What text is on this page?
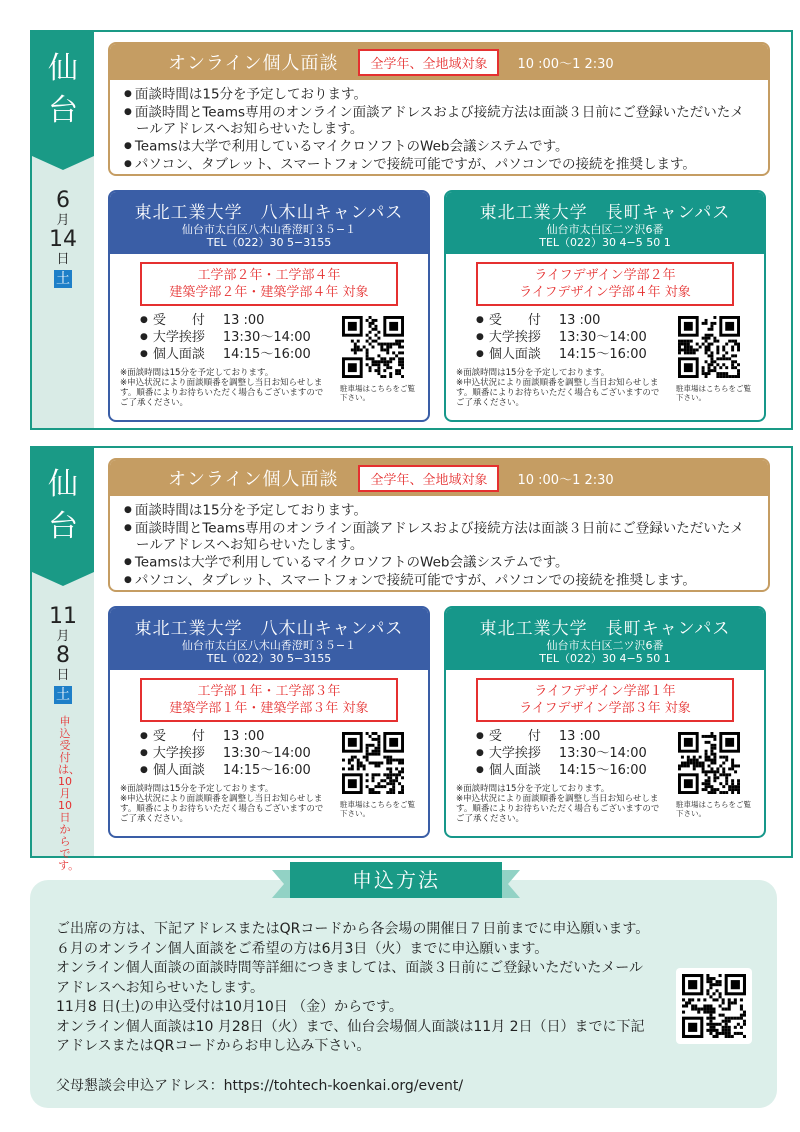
仙台
6
月
14
日
土
オンライン個人面談	全学年、全地域対象	10 :00〜1 2:30
● 面談時間は15分を予定しております。
● 面談時間とTeams専用のオンライン面談アドレスおよび接続方法は面談３日前にご登録いただいたメールアドレスへお知らせいたします。
● Teamsは大学で利用しているマイクロソフトのWeb会議システムです。
● パソコン、タブレット、スマートフォンで接続可能ですが、パソコンでの接続を推奨します。
東北工業大学　八木山キャンパス
仙台市太白区八木山香澄町３５−１
TEL（022）30 5−3155
工学部２年・工学部４年
建築学部２年・建築学部４年 対象
● 受　　付 13 :00
● 大学挨拶 13:30〜14:00
● 個人面談 14:15〜16:00
※面談時間は15分を予定しております。
※申込状況により面談順番を調整し当日お知らせします。順番によりお待ちいただく場合もございますのでご了承ください。
駐車場はこちらをご覧下さい。
東北工業大学　長町キャンパス
仙台市太白区二ツ沢6番
TEL（022）30 4−5 50 1
ライフデザイン学部２年
ライフデザイン学部４年 対象
● 受　　付 13 :00
● 大学挨拶 13:30〜14:00
● 個人面談 14:15〜16:00
※面談時間は15分を予定しております。
※申込状況により面談順番を調整し当日お知らせします。順番によりお待ちいただく場合もございますのでご了承ください。
駐車場はこちらをご覧下さい。
仙台
11
月
8
日
土
申込受付は、10月10日からです。
オンライン個人面談	全学年、全地域対象	10 :00〜1 2:30
● 面談時間は15分を予定しております。
● 面談時間とTeams専用のオンライン面談アドレスおよび接続方法は面談３日前にご登録いただいたメールアドレスへお知らせいたします。
● Teamsは大学で利用しているマイクロソフトのWeb会議システムです。
● パソコン、タブレット、スマートフォンで接続可能ですが、パソコンでの接続を推奨します。
東北工業大学　八木山キャンパス
仙台市太白区八木山香澄町３５−１
TEL（022）30 5−3155
工学部１年・工学部３年
建築学部１年・建築学部３年 対象
● 受　　付 13 :00
● 大学挨拶 13:30〜14:00
● 個人面談 14:15〜16:00
※面談時間は15分を予定しております。
※申込状況により面談順番を調整し当日お知らせします。順番によりお待ちいただく場合もございますのでご了承ください。
駐車場はこちらをご覧下さい。
東北工業大学　長町キャンパス
仙台市太白区二ツ沢6番
TEL（022）30 4−5 50 1
ライフデザイン学部１年
ライフデザイン学部３年 対象
● 受　　付 13 :00
● 大学挨拶 13:30〜14:00
● 個人面談 14:15〜16:00
※面談時間は15分を予定しております。
※申込状況により面談順番を調整し当日お知らせします。順番によりお待ちいただく場合もございますのでご了承ください。
駐車場はこちらをご覧下さい。
申込方法
ご出席の方は、下記アドレスまたはQRコードから各会場の開催日７日前までに申込願います。
６月のオンライン個人面談をご希望の方は6月3日（火）までに申込願います。
オンライン個人面談の面談時間等詳細につきましては、面談３日前にご登録いただいたメールアドレスへお知らせいたします。
11月8 日(土)の申込受付は10月10日 （金）からです。
オンライン個人面談は10 月28日（火）まで、仙台会場個人面談は11月 2日（日）までに下記アドレスまたはQRコードからお申し込み下さい。
父母懇談会申込アドレス：https://tohtech-koenkai.org/event/
